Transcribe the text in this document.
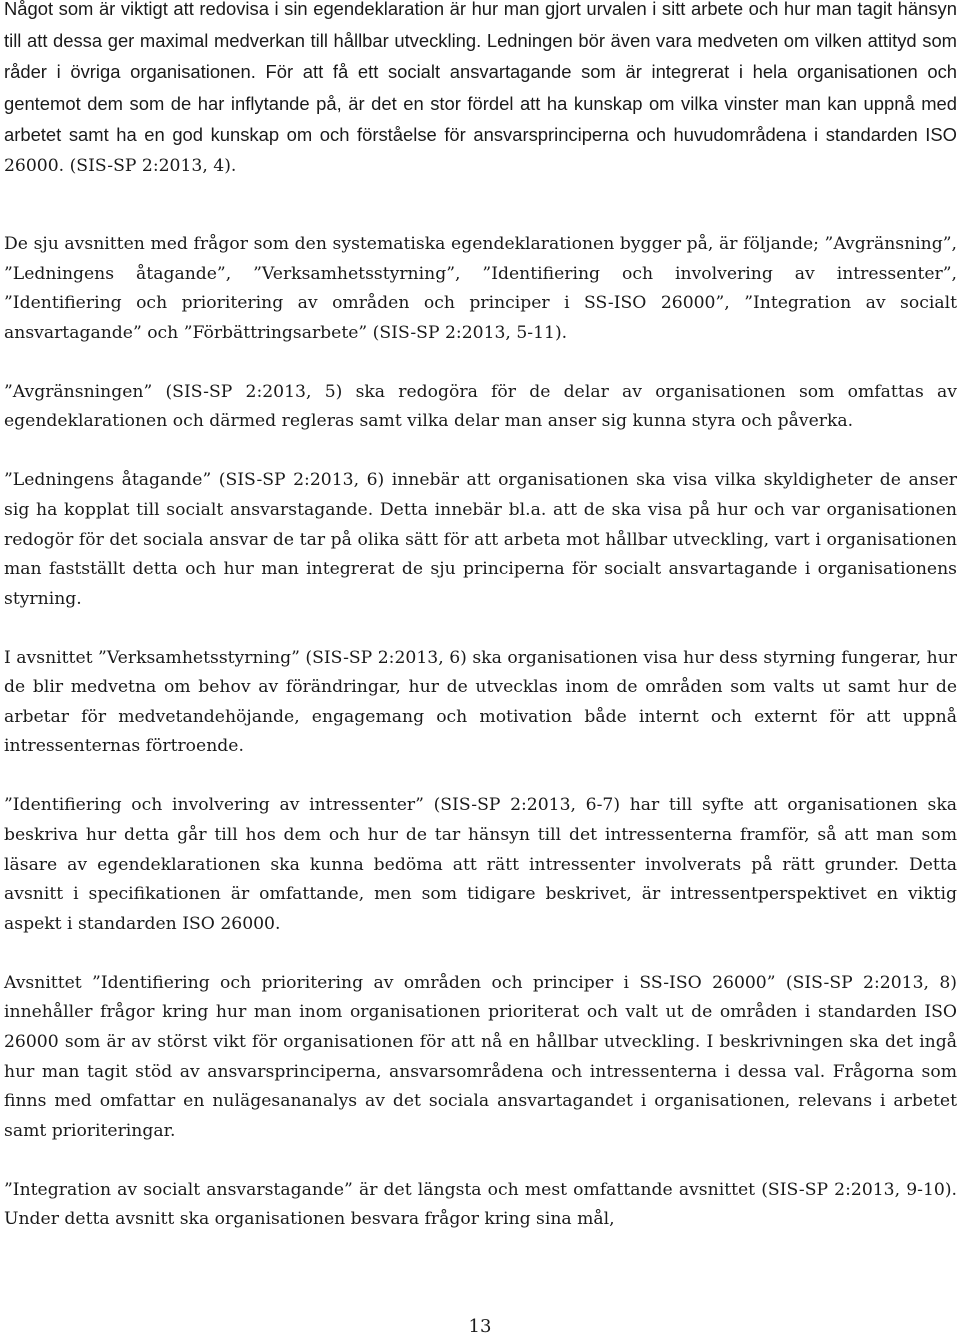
Något som är viktigt att redovisa i sin egendeklaration är hur man gjort urvalen i sitt arbete och hur man tagit hänsyn till att dessa ger maximal medverkan till hållbar utveckling. Ledningen bör även vara medveten om vilken attityd som råder i övriga organisationen. För att få ett socialt ansvartagande som är integrerat i hela organisationen och gentemot dem som de har inflytande på, är det en stor fördel att ha kunskap om vilka vinster man kan uppnå med arbetet samt ha en god kunskap om och förståelse för ansvarsprinciperna och huvudområdena i standarden ISO 26000. (SIS-SP 2:2013, 4).

De sju avsnitten med frågor som den systematiska egendeklarationen bygger på, är följande; ”Avgränsning”, ”Ledningens åtagande”, ”Verksamhetsstyrning”, ”Identifiering och involvering av intressenter”, ”Identifiering och prioritering av områden och principer i SS-ISO 26000”, ”Integration av socialt ansvartagande” och ”Förbättringsarbete” (SIS-SP 2:2013, 5-11).

”Avgränsningen” (SIS-SP 2:2013, 5) ska redogöra för de delar av organisationen som omfattas av egendeklarationen och därmed regleras samt vilka delar man anser sig kunna styra och påverka.

”Ledningens åtagande” (SIS-SP 2:2013, 6) innebär att organisationen ska visa vilka skyldigheter de anser sig ha kopplat till socialt ansvarstagande. Detta innebär bl.a. att de ska visa på hur och var organisationen redogör för det sociala ansvar de tar på olika sätt för att arbeta mot hållbar utveckling, vart i organisationen man fastställt detta och hur man integrerat de sju principerna för socialt ansvartagande i organisationens styrning.

I avsnittet ”Verksamhetsstyrning” (SIS-SP 2:2013, 6) ska organisationen visa hur dess styrning fungerar, hur de blir medvetna om behov av förändringar, hur de utvecklas inom de områden som valts ut samt hur de arbetar för medvetandehöjande, engagemang och motivation både internt och externt för att uppnå intressenternas förtroende.

”Identifiering och involvering av intressenter” (SIS-SP 2:2013, 6-7) har till syfte att organisationen ska beskriva hur detta går till hos dem och hur de tar hänsyn till det intressenterna framför, så att man som läsare av egendeklarationen ska kunna bedöma att rätt intressenter involverats på rätt grunder. Detta avsnitt i specifikationen är omfattande, men som tidigare beskrivet, är intressentperspektivet en viktig aspekt i standarden ISO 26000.

Avsnittet ”Identifiering och prioritering av områden och principer i SS-ISO 26000” (SIS-SP 2:2013, 8) innehåller frågor kring hur man inom organisationen prioriterat och valt ut de områden i standarden ISO 26000 som är av störst vikt för organisationen för att nå en hållbar utveckling. I beskrivningen ska det ingå hur man tagit stöd av ansvarsprinciperna, ansvarsområdena och intressenterna i dessa val. Frågorna som finns med omfattar en nulägesananalys av det sociala ansvartagandet i organisationen, relevans i arbetet samt prioriteringar.

”Integration av socialt ansvarstagande” är det längsta och mest omfattande avsnittet (SIS-SP 2:2013, 9-10). Under detta avsnitt ska organisationen besvara frågor kring sina mål,

13
